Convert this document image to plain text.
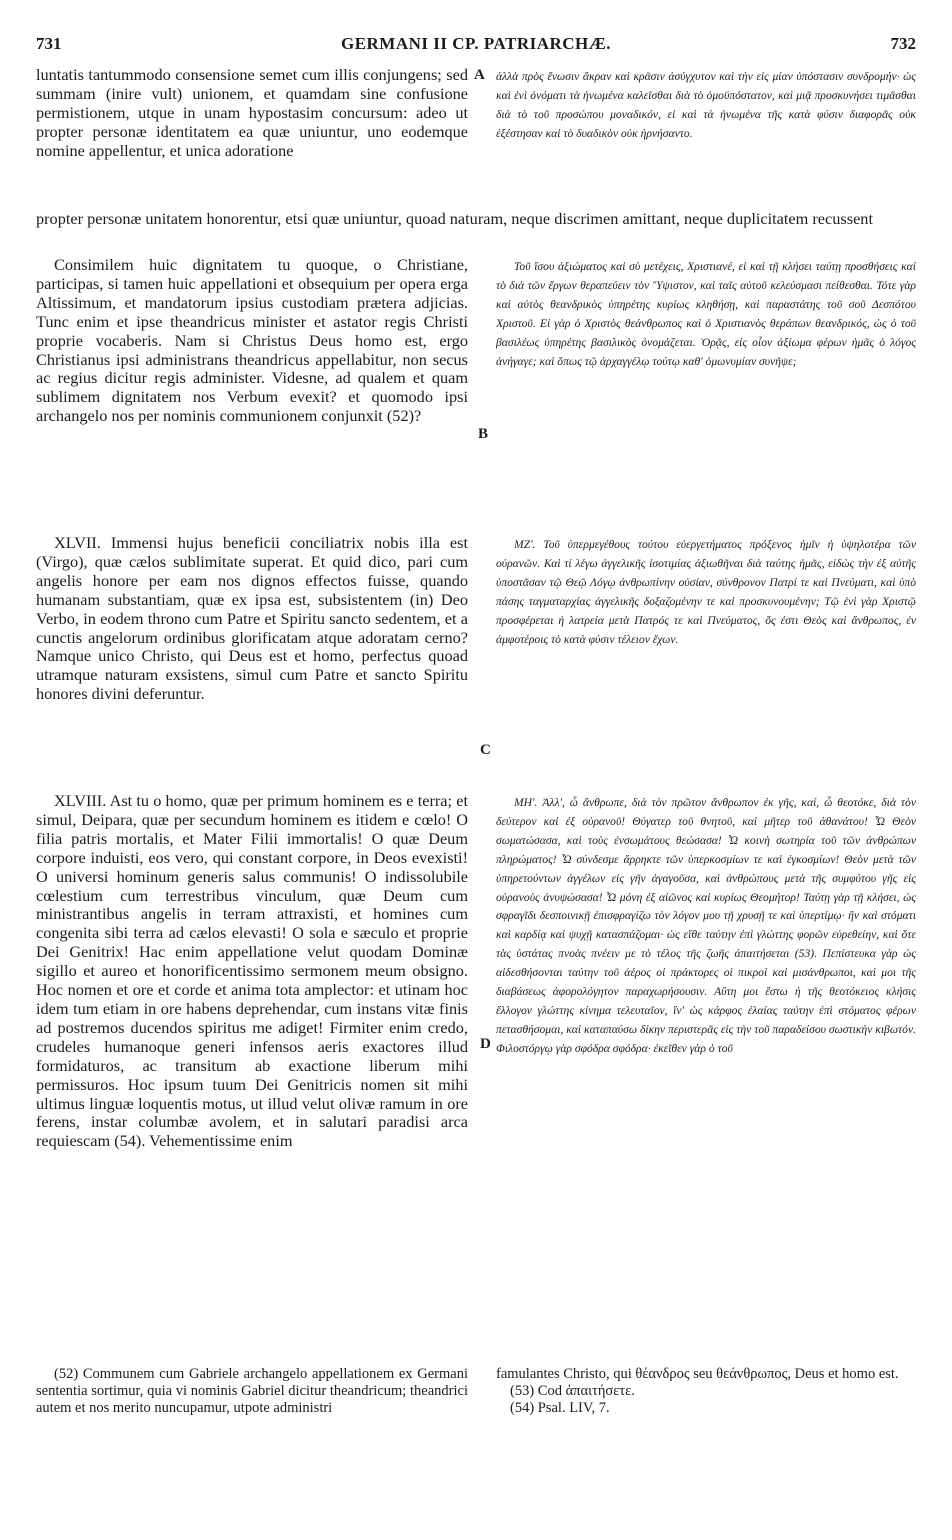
731	GERMANI II CP. PATRIARCHÆ.	732

luntatis tantummodo consensione semet cum illis conjungens; sed summam (inire vult) unionem, et quamdam sine confusione permistionem, utque in unam hypostasim concursum: adeo ut propter personæ identitatem ea quæ uniuntur, uno eodemque nomine appellentur, et unica adoratione

A ἀλλὰ πρὸς ἕνωσιν ἄκραν καὶ κρᾶσιν ἀσύγχυτον καὶ τὴν εἰς μίαν ὑπόστασιν συνδρομήν· ὡς καὶ ἑνὶ ὀνόματι τὰ ἡνωμένα καλεῖσθαι διὰ τὸ ὁμοϋπόστατον, καὶ μιᾷ προσκυνήσει τιμᾶσθαι διὰ τὸ τοῦ προσώπου μοναδικόν, εἰ καὶ τὰ ἡνωμένα τῆς κατὰ φύσιν διαφορᾶς οὐκ ἐξέστησαν καὶ τὸ δυαδικὸν οὐκ ἠρνήσαντο.

propter personæ unitatem honorentur, etsi quæ uniuntur, quoad naturam, neque discrimen amittant, neque duplicitatem recussent

Consimilem huic dignitatem tu quoque, o Christiane, participas, si tamen huic appellationi et obsequium per opera erga Altissimum, et mandatorum ipsius custodiam prætera adjicias. Tunc enim et ipse theandricus minister et astator regis Christi proprie vocaberis. Nam si Christus Deus homo est, ergo Christianus ipsi administrans theandricus appellabitur, non secus ac regius dicitur regis administer. Videsne, ad qualem et quam sublimem dignitatem nos Verbum evexit? et quomodo ipsi archangelo nos per nominis communionem conjunxit (52)?

B

Τοῦ ἴσου ἀξιώματος καὶ σὺ μετέχεις, Χριστιανέ, εἰ καὶ τῇ κλήσει ταύτῃ προσθήσεις καὶ τὸ διὰ τῶν ἔργων θεραπεύειν τὸν Ὕψιστον, καὶ ταῖς αὐτοῦ κελεύσμασι πείθεσθαι. Τότε γὰρ καὶ αὐτὸς θεανδρικὸς ὑπηρέτης κυρίως κληθήσῃ, καὶ παραστάτης τοῦ σοῦ Δεσπότου Χριστοῦ. Εἰ γὰρ ὁ Χριστὸς θεάνθρωπος καὶ ὁ Χριστιανὸς θεράπων θεανδρικός, ὡς ὁ τοῦ βασιλέως ὑπηρέτης βασιλικὸς ὀνομάζεται. Ὁρᾷς, εἰς οἷον ἀξίωμα φέρων ἡμᾶς ὁ λόγος ἀνήγαγε; καὶ ὅπως τῷ ἀρχαγγέλῳ τούτῳ καθ' ὁμωνυμίαν συνῆψε;

XLVII. Immensi hujus beneficii conciliatrix nobis illa est (Virgo), quæ cælos sublimitate superat. Et quid dico, pari cum angelis honore per eam nos dignos effectos fuisse, quando humanam substantiam, quæ ex ipsa est, subsistentem (in) Deo Verbo, in eodem throno cum Patre et Spiritu sancto sedentem, et a cunctis angelorum ordinibus glorificatam atque adoratam cerno? Namque unico Christo, qui Deus est et homo, perfectus quoad utramque naturam exsistens, simul cum Patre et sancto Spiritu honores divini deferuntur.

C

ΜΖʹ. Τοῦ ὑπερμεγέθους τούτου εὐεργετήματος πρόξενος ἡμῖν ἡ ὑψηλοτέρα τῶν οὐρανῶν. Καὶ τί λέγω ἀγγελικῆς ἰσοτιμίας ἀξιωθῆναι διὰ ταύτης ἡμᾶς, εἰδὼς τὴν ἐξ αὐτῆς ὑποστᾶσαν τῷ Θεῷ Λόγῳ ἀνθρωπίνην οὐσίαν, σύνθρονον Πατρί τε καὶ Πνεύματι, καὶ ὑπὸ πάσης ταγματαρχίας ἀγγελικῆς δοξαζομένην τε καὶ προσκυνουμένην; Τῷ ἑνὶ γὰρ Χριστῷ προσφέρεται ἡ λατρεία μετὰ Πατρός τε καὶ Πνεύματος, ὅς ἐστι Θεὸς καὶ ἄνθρωπος, ἐν ἀμφοτέροις τὸ κατὰ φύσιν τέλειον ἔχων.

XLVIII. Ast tu o homo, quæ per primum hominem es e terra; et simul, Deipara, quæ per secundum hominem es itidem e cœlo! O filia patris mortalis, et Mater Filii immortalis! O quæ Deum corpore induisti, eos vero, qui constant corpore, in Deos evexisti! O universi hominum generis salus communis! O indissolubile cœlestium cum terrestribus vinculum, quæ Deum cum ministrantibus angelis in terram attraxisti, et homines cum congenita sibi terra ad cælos elevasti! O sola e sæculo et proprie Dei Genitrix! Hac enim appellatione velut quodam Dominæ sigillo et aureo et honorificentissimo sermonem meum obsigno. Hoc nomen et ore et corde et anima tota amplector: et utinam hoc idem tum etiam in ore habens deprehendar, cum instans vitæ finis ad postremos ducendos spiritus me adiget! Firmiter enim credo, crudeles humanoque generi infensos aeris exactores illud formidaturos, ac transitum ab exactione liberum mihi permissuros. Hoc ipsum tuum Dei Genitricis nomen sit mihi ultimus linguæ loquentis motus, ut illud velut olivæ ramum in ore ferens, instar columbæ avolem, et in salutari paradisi arca requiescam (54). Vehementissime enim

D

ΜΗʹ. Ἀλλ', ὦ ἄνθρωπε, διὰ τὸν πρῶτον ἄνθρωπον ἐκ γῆς, καί, ὦ θεοτόκε, διὰ τὸν δεύτερον καὶ ἐξ οὐρανοῦ! Θύγατερ τοῦ θνητοῦ, καὶ μῆτερ τοῦ ἀθανάτου! Ὦ Θεὸν σωματώσασα, καὶ τοὺς ἐνσωμάτους θεώσασα! Ὦ κοινὴ σωτηρία τοῦ τῶν ἀνθρώπων πληρώματος! Ὦ σύνδεσμε ἄρρηκτε τῶν ὑπερκοσμίων τε καὶ ἐγκοσμίων! Θεὸν μετὰ τῶν ὑπηρετούντων ἀγγέλων εἰς γῆν ἀγαγοῦσα, καὶ ἀνθρώπους μετὰ τῆς συμφύτου γῆς εἰς οὐρανοὺς ἀνυψώσασα! Ὦ μόνη ἐξ αἰῶνος καὶ κυρίως Θεομήτορ! Ταύτῃ γὰρ τῇ κλήσει, ὡς σφραγῖδι δεσποινικῇ ἐπισφραγίζω τὸν λόγον μου τῇ χρυσῇ τε καὶ ὑπερτίμῳ· ἣν καὶ στόματι καὶ καρδίᾳ καὶ ψυχῇ κατασπάζομαι· ὡς εἴθε ταύτην ἐπὶ γλώττης φορῶν εὑρεθείην, καὶ ὅτε τὰς ὑστάτας πνοὰς πνέειν με τὸ τέλος τῆς ζωῆς ἀπαιτήσεται (53). Πεπίστευκα γὰρ ὡς αἰδεσθήσονται ταύτην τοῦ ἀέρος οἱ πράκτορες οἱ πικροὶ καὶ μισάνθρωποι, καὶ μοι τῆς διαβάσεως ἀφορολόγητον παραχωρήσουσιν. Αὕτη μοι ἔστω ἡ τῆς θεοτόκειος κλήσις ἔλλογον γλώττης κίνημα τελευταῖον, ἵν' ὡς κάρφος ἐλαίας ταύτην ἐπὶ στόματος φέρων πετασθήσομαι, καὶ καταπαύσω δίκην περιστερᾶς εἰς τὴν τοῦ παραδείσου σωστικὴν κιβωτόν. Φιλοστόργῳ γὰρ σφόδρα σφόδρα· ἐκεῖθεν γὰρ ὁ τοῦ

(52) Communem cum Gabriele archangelo appellationem ex Germani sententia sortimur, quia vi nominis Gabriel dicitur theandricum; theandrici autem et nos merito nuncupamur, utpote administri

famulantes Christo, qui θέανδρος seu θεάνθρωπος, Deus et homo est.

(53) Cod ἀπαιτήσετε.

(54) Psal. LIV, 7.
